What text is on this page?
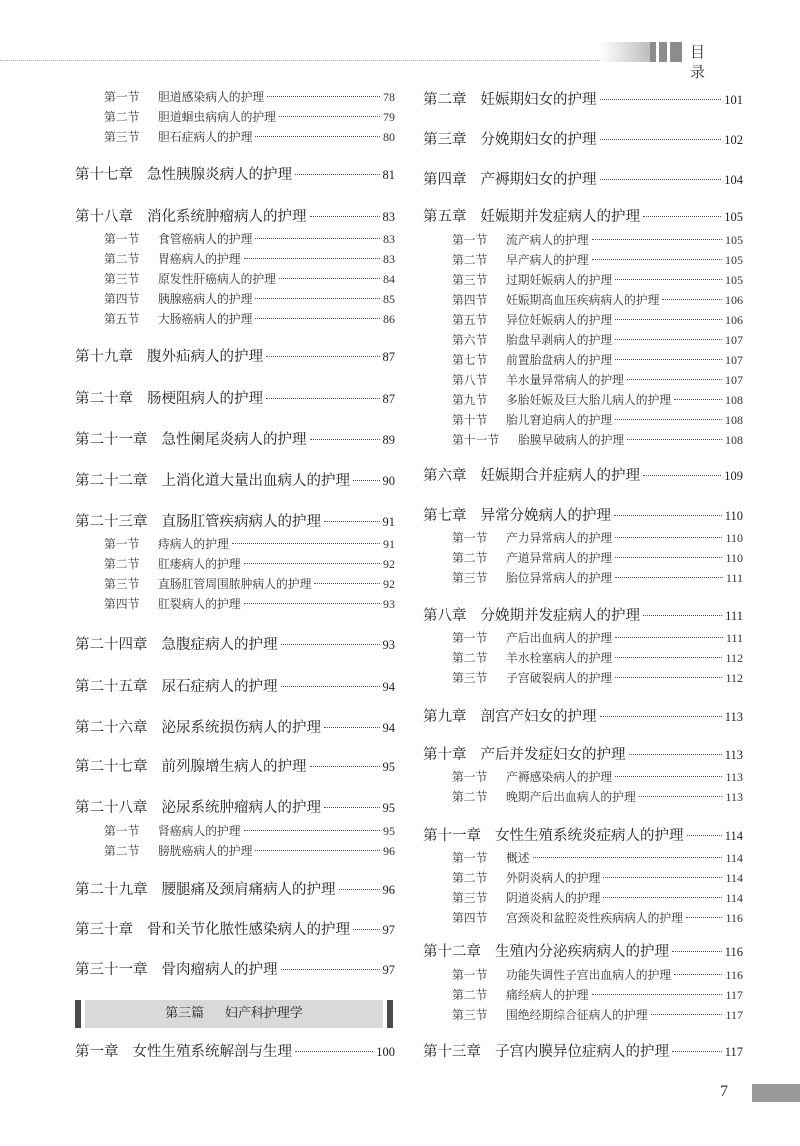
目 录
第一节 胆道感染病人的护理	78
第二节 胆道蛔虫病病人的护理	79
第三节 胆石症病人的护理	80
第十七章 急性胰腺炎病人的护理	81
第十八章 消化系统肿瘤病人的护理	83
第一节 食管癌病人的护理	83
第二节 胃癌病人的护理	83
第三节 原发性肝癌病人的护理	84
第四节 胰腺癌病人的护理	85
第五节 大肠癌病人的护理	86
第十九章 腹外疝病人的护理	87
第二十章 肠梗阻病人的护理	87
第二十一章 急性阑尾炎病人的护理	89
第二十二章 上消化道大量出血病人的护理	90
第二十三章 直肠肛管疾病病人的护理	91
第一节 痔病人的护理	91
第二节 肛瘘病人的护理	92
第三节 直肠肛管周围脓肿病人的护理	92
第四节 肛裂病人的护理	93
第二十四章 急腹症病人的护理	93
第二十五章 尿石症病人的护理	94
第二十六章 泌尿系统损伤病人的护理	94
第二十七章 前列腺增生病人的护理	95
第二十八章 泌尿系统肿瘤病人的护理	95
第一节 肾癌病人的护理	95
第二节 膀胱癌病人的护理	96
第二十九章 腰腿痛及颈肩痛病人的护理	96
第三十章 骨和关节化脓性感染病人的护理	97
第三十一章 骨肉瘤病人的护理	97
第一章 女性生殖系统解剖与生理	100
第二章 妊娠期妇女的护理	101
第三章 分娩期妇女的护理	102
第四章 产褥期妇女的护理	104
第五章 妊娠期并发症病人的护理	105
第一节 流产病人的护理	105
第二节 早产病人的护理	105
第三节 过期妊娠病人的护理	105
第四节 妊娠期高血压疾病病人的护理	106
第五节 异位妊娠病人的护理	106
第六节 胎盘早剥病人的护理	107
第七节 前置胎盘病人的护理	107
第八节 羊水量异常病人的护理	107
第九节 多胎妊娠及巨大胎儿病人的护理	108
第十节 胎儿窘迫病人的护理	108
第十一节 胎膜早破病人的护理	108
第六章 妊娠期合并症病人的护理	109
第七章 异常分娩病人的护理	110
第一节 产力异常病人的护理	110
第二节 产道异常病人的护理	110
第三节 胎位异常病人的护理	111
第八章 分娩期并发症病人的护理	111
第一节 产后出血病人的护理	111
第二节 羊水栓塞病人的护理	112
第三节 子宫破裂病人的护理	112
第九章 剖宫产妇女的护理	113
第十章 产后并发症妇女的护理	113
第一节 产褥感染病人的护理	113
第二节 晚期产后出血病人的护理	113
第十一章 女性生殖系统炎症病人的护理	114
第一节 概述	114
第二节 外阴炎病人的护理	114
第三节 阴道炎病人的护理	114
第四节 宫颈炎和盆腔炎性疾病病人的护理	116
第十二章 生殖内分泌疾病病人的护理	116
第一节 功能失调性子宫出血病人的护理	116
第二节 痛经病人的护理	117
第三节 围绝经期综合征病人的护理	117
第十三章 子宫内膜异位症病人的护理	117
第三篇 妇产科护理学
7
